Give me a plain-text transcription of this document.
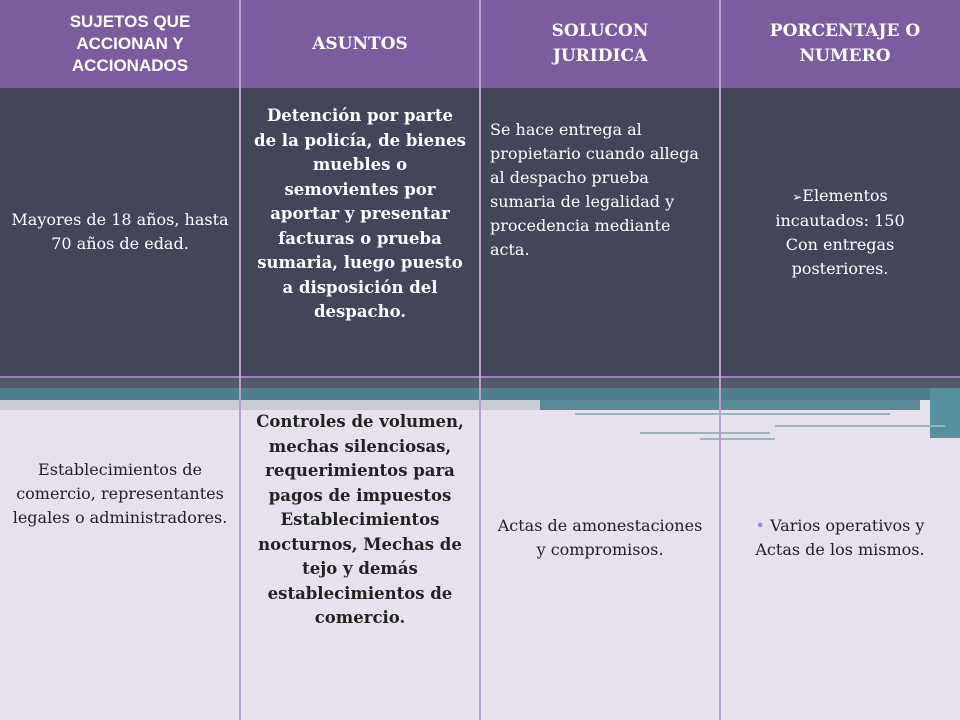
SUJETOS QUE ACCIONAN Y ACCIONADOS
ASUNTOS
SOLUCON JURIDICA
PORCENTAJE O NUMERO
Mayores de 18 años, hasta 70 años de edad.
Detención por parte de la policía, de bienes muebles o semovientes por aportar y presentar facturas o prueba sumaria, luego puesto a disposición del despacho.
Se hace entrega al propietario cuando allega al despacho prueba sumaria de legalidad y procedencia mediante acta.
➢Elementos incautados: 150
Con entregas posteriores.
Establecimientos de comercio, representantes legales o administradores.
Controles de volumen, mechas silenciosas, requerimientos para pagos de impuestos Establecimientos nocturnos, Mechas de tejo y demás establecimientos de comercio.
Actas de amonestaciones y compromisos.
• Varios operativos y Actas de los mismos.
